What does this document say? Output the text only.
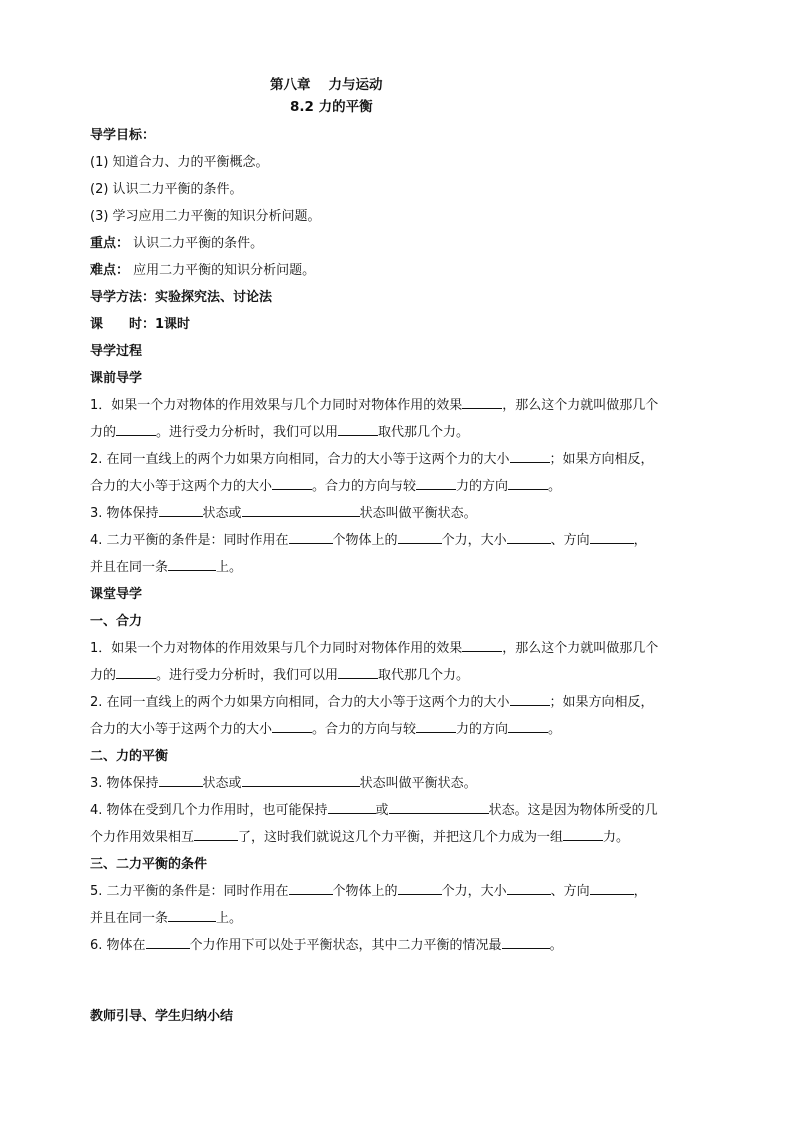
第八章 力与运动
8.2 力的平衡
导学目标：
(1) 知道合力、力的平衡概念。
(2) 认识二力平衡的条件。
(3) 学习应用二力平衡的知识分析问题。
重点： 认识二力平衡的条件。
难点： 应用二力平衡的知识分析问题。
导学方法：实验探究法、讨论法
课　　时：1课时
导学过程
课前导学
1．如果一个力对物体的作用效果与几个力同时对物体作用的效果	，那么这个力就叫做那几个
力的	。进行受力分析时，我们可以用	取代那几个力。
2. 在同一直线上的两个力如果方向相同，合力的大小等于这两个力的大小	；如果方向相反，
合力的大小等于这两个力的大小	。合力的方向与较	力的方向	。
3. 物体保持	状态或	状态叫做平衡状态。
4. 二力平衡的条件是：同时作用在	个物体上的	个力，大小	、方向	，
并且在同一条	上。
课堂导学
一、合力
1．如果一个力对物体的作用效果与几个力同时对物体作用的效果	，那么这个力就叫做那几个
力的	。进行受力分析时，我们可以用	取代那几个力。
2. 在同一直线上的两个力如果方向相同，合力的大小等于这两个力的大小	；如果方向相反，
合力的大小等于这两个力的大小	。合力的方向与较	力的方向	。
二、力的平衡
3. 物体保持	状态或	状态叫做平衡状态。
4. 物体在受到几个力作用时，也可能保持	或	状态。这是因为物体所受的几
个力作用效果相互	了，这时我们就说这几个力平衡，并把这几个力成为一组	力。
三、二力平衡的条件
5. 二力平衡的条件是：同时作用在	个物体上的	个力，大小	、方向	，
并且在同一条	上。
6. 物体在	个力作用下可以处于平衡状态，其中二力平衡的情况最	。
教师引导、学生归纳小结
